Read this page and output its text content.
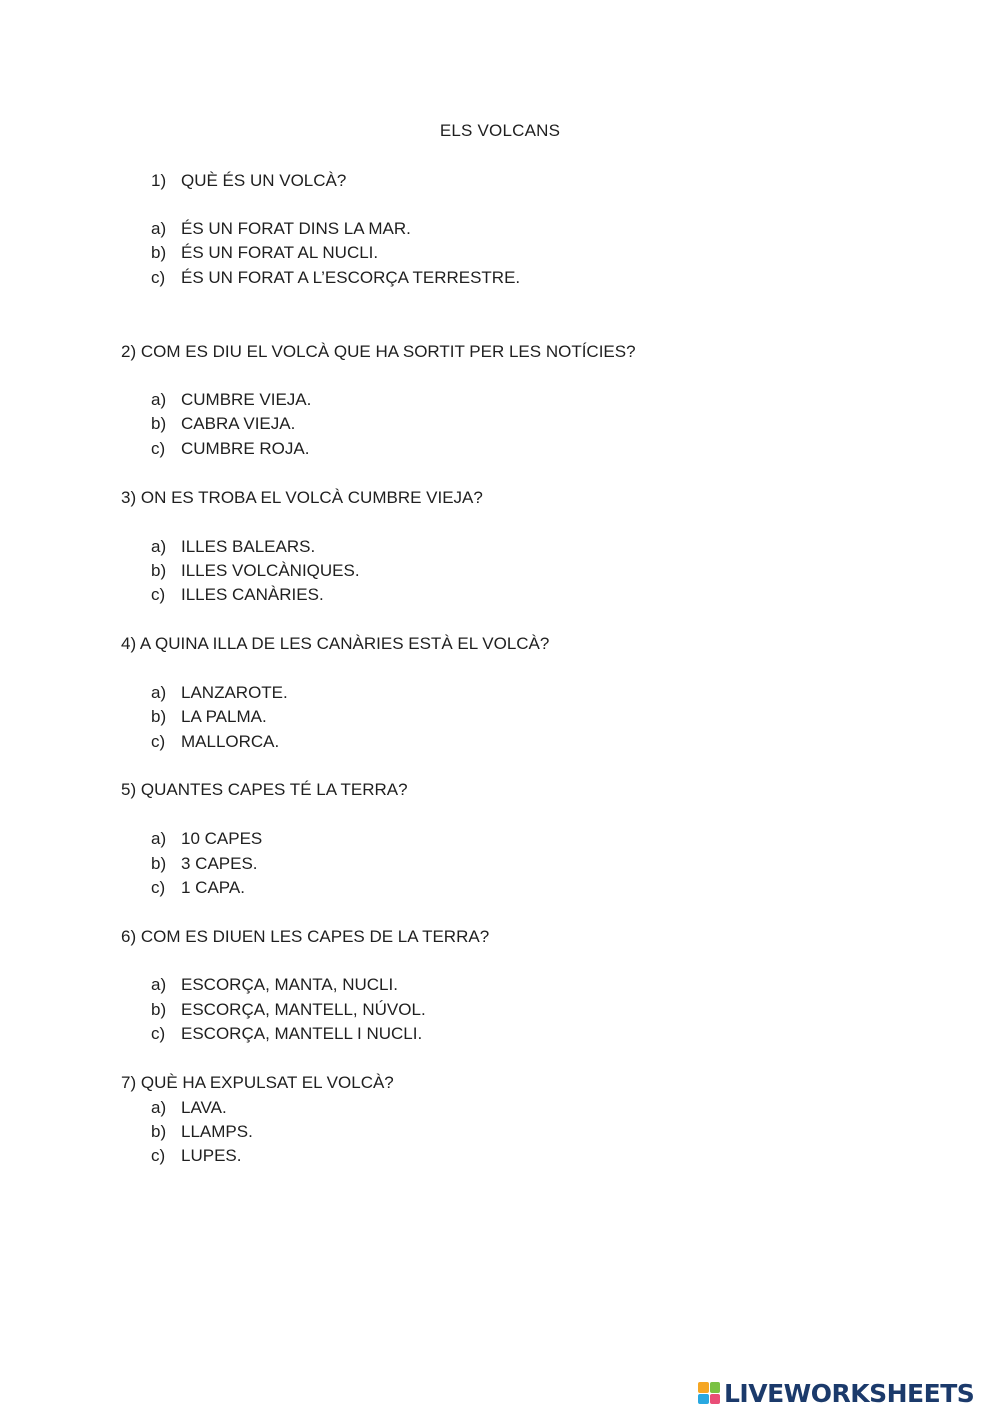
ELS VOLCANS
1) QUÈ ÉS UN VOLCÀ?
a) ÉS UN FORAT DINS LA MAR.
b) ÉS UN FORAT AL NUCLI.
c) ÉS UN FORAT A L’ESCORÇA TERRESTRE.
2) COM ES DIU EL VOLCÀ QUE HA SORTIT PER LES NOTÍCIES?
a) CUMBRE VIEJA.
b) CABRA VIEJA.
c) CUMBRE ROJA.
3) ON ES TROBA EL VOLCÀ CUMBRE VIEJA?
a) ILLES BALEARS.
b) ILLES VOLCÀNIQUES.
c) ILLES CANÀRIES.
4) A QUINA ILLA DE LES CANÀRIES ESTÀ EL VOLCÀ?
a) LANZAROTE.
b) LA PALMA.
c) MALLORCA.
5) QUANTES CAPES TÉ LA TERRA?
a) 10 CAPES
b) 3 CAPES.
c) 1 CAPA.
6) COM ES DIUEN LES CAPES DE LA TERRA?
a) ESCORÇA, MANTA, NUCLI.
b) ESCORÇA, MANTELL, NÚVOL.
c) ESCORÇA, MANTELL I NUCLI.
7) QUÈ HA EXPULSAT EL VOLCÀ?
a) LAVA.
b) LLAMPS.
c) LUPES.
LIVEWORKSHEETS
